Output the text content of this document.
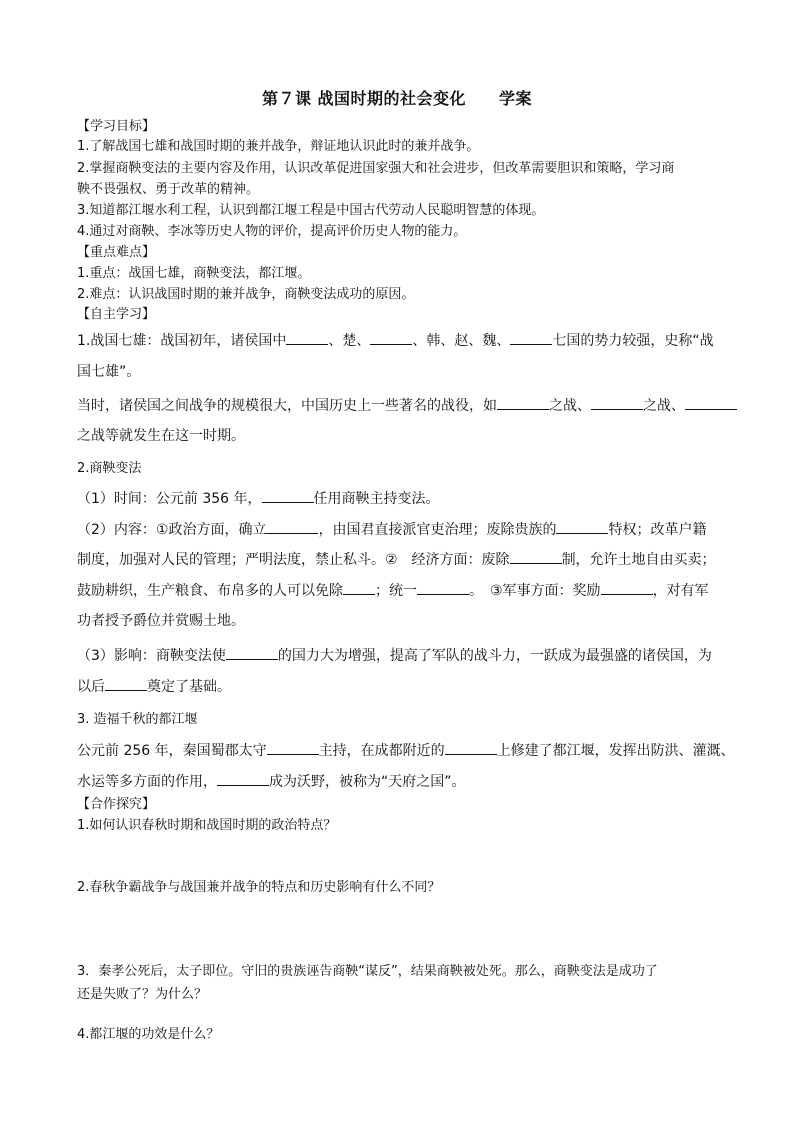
第７课 战国时期的社会变化　　学案
【学习目标】
1.了解战国七雄和战国时期的兼并战争，辩证地认识此时的兼并战争。
2.掌握商鞅变法的主要内容及作用，认识改革促进国家强大和社会进步，但改革需要胆识和策略，学习商
鞅不畏强权、勇于改革的精神。
3.知道都江堰水利工程，认识到都江堰工程是中国古代劳动人民聪明智慧的体现。
4.通过对商鞅、李冰等历史人物的评价，提高评价历史人物的能力。
【重点难点】
1.重点：战国七雄，商鞅变法，都江堰。
2.难点：认识战国时期的兼并战争，商鞅变法成功的原因。
【自主学习】
1.战国七雄：战国初年，诸侯国中	、楚、	、韩、赵、魏、	七国的势力较强，史称“战
国七雄”。
当时，诸侯国之间战争的规模很大，中国历史上一些著名的战役，如	之战、	之战、
之战等就发生在这一时期。
2.商鞅变法
（1）时间：公元前 356 年，	任用商鞅主持变法。
（2）内容：①政治方面，确立	，由国君直接派官吏治理；废除贵族的	特权；改革户籍
制度，加强对人民的管理；严明法度，禁止私斗。②　经济方面：废除	制，允许土地自由买卖；
鼓励耕织，生产粮食、布帛多的人可以免除 ；统一	。　③军事方面：奖励	，对有军
功者授予爵位并赏赐土地。
（3）影响：商鞅变法使	的国力大为增强，提高了军队的战斗力，一跃成为最强盛的诸侯国，为
以后	奠定了基础。
3. 造福千秋的都江堰
公元前 256 年，秦国蜀郡太守	主持，在成都附近的	上修建了都江堰，发挥出防洪、灌溉、
水运等多方面的作用，	成为沃野，被称为“天府之国”。
【合作探究】
1.如何认识春秋时期和战国时期的政治特点？
2.春秋争霸战争与战国兼并战争的特点和历史影响有什么不同？
3．秦孝公死后，太子即位。守旧的贵族诬告商鞅“谋反”，结果商鞅被处死。那么，商鞅变法是成功了
还是失败了？为什么？
4.都江堰的功效是什么？
